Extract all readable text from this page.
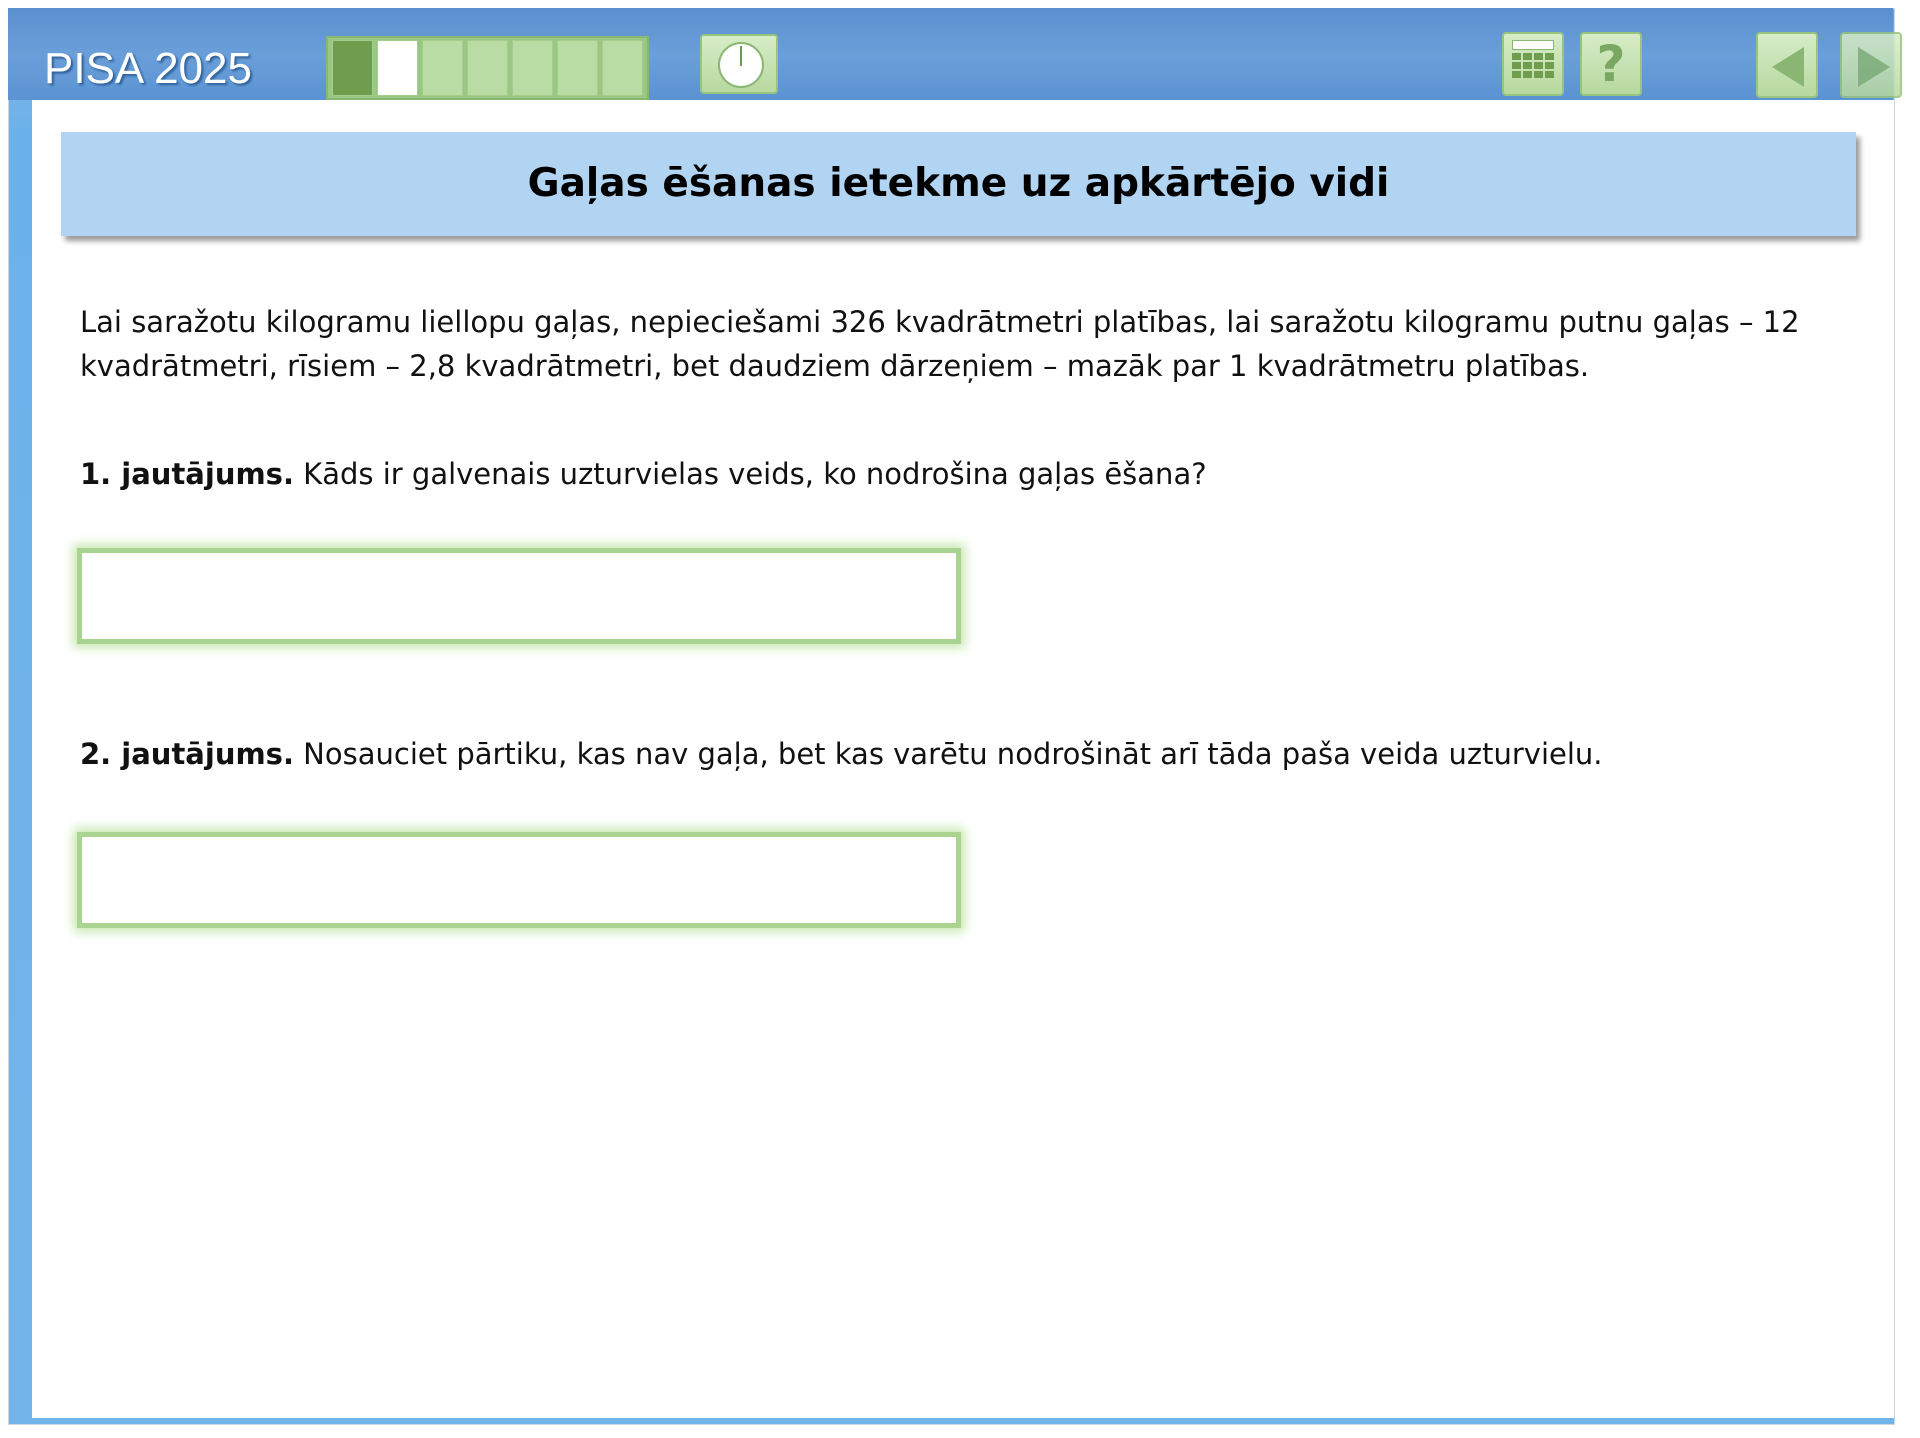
PISA 2025	?
Gaļas ēšanas ietekme uz apkārtējo vidi
Lai saražotu kilogramu liellopu gaļas, nepieciešami 326 kvadrātmetri platības, lai saražotu kilogramu putnu gaļas – 12 kvadrātmetri, rīsiem – 2,8 kvadrātmetri, bet daudziem dārzeņiem – mazāk par 1 kvadrātmetru platības.
1. jautājums. Kāds ir galvenais uzturvielas veids, ko nodrošina gaļas ēšana?
2. jautājums. Nosauciet pārtiku, kas nav gaļa, bet kas varētu nodrošināt arī tāda paša veida uzturvielu.
